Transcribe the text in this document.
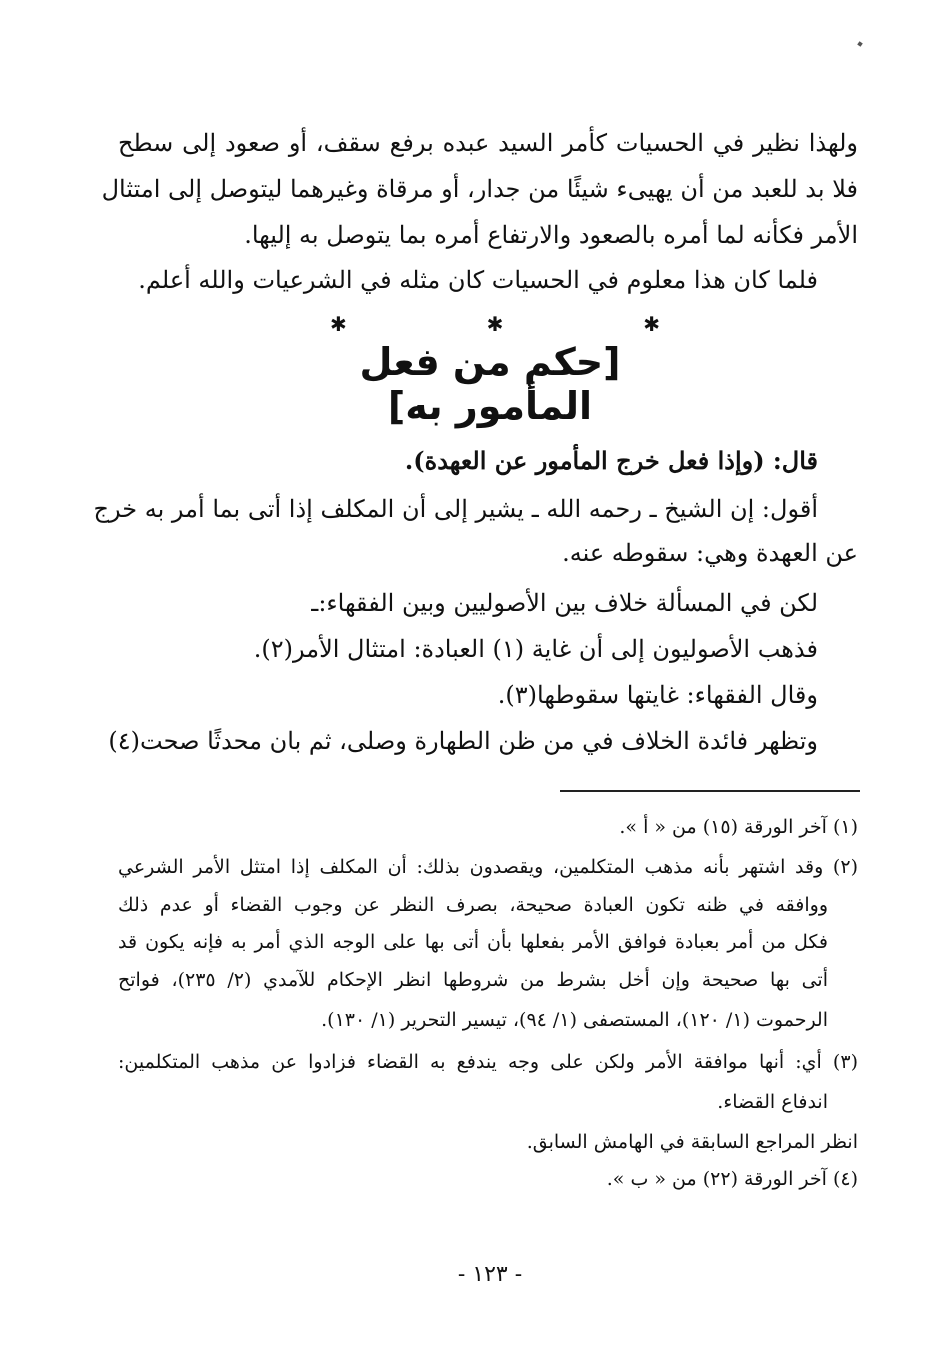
ولهذا نظير في الحسيات كأمر السيد عبده برفع سقف، أو صعود إلى سطح

فلا بد للعبد من أن يهيىء شيئًا من جدار، أو مرقاة وغيرهما ليتوصل إلى امتثال

الأمر فكأنه لما أمره بالصعود والارتفاع أمره بما يتوصل به إليها.

فلما كان هذا معلوم في الحسيات كان مثله في الشرعيات والله أعلم.

✱	✱	✱
[حكم من فعل المأمور به]

قال: (وإذا فعل خرج المأمور عن العهدة).

أقول: إن الشيخ ـ رحمه الله ـ يشير إلى أن المكلف إذا أتى بما أمر به خرج

عن العهدة وهي: سقوطه عنه.

لكن في المسألة خلاف بين الأصوليين وبين الفقهاء:ـ

فذهب الأصوليون إلى أن غاية (١) العبادة: امتثال الأمر(٢).

وقال الفقهاء: غايتها سقوطها(٣).

وتظهر فائدة الخلاف في من ظن الطهارة وصلى، ثم بان محدثًا صحت(٤)

(١) آخر الورقة (١٥) من « أ ».

(٢) وقد اشتهر بأنه مذهب المتكلمين، ويقصدون بذلك: أن المكلف إذا امتثل الأمر الشرعي

ووافقه في ظنه تكون العبادة صحيحة، بصرف النظر عن وجوب القضاء أو عدم ذلك

فكل من أمر بعبادة فوافق الأمر بفعلها بأن أتى بها على الوجه الذي أمر به فإنه يكون قد

أتى بها صحيحة وإن أخل بشرط من شروطها انظر الإحكام للآمدي (٢/ ٢٣٥)، فواتح

الرحموت (١/ ١٢٠)، المستصفى (١/ ٩٤)، تيسير التحرير (١/ ١٣٠).

(٣) أي: أنها موافقة الأمر ولكن على وجه يندفع به القضاء فزادوا عن مذهب المتكلمين:

اندفاع القضاء.

انظر المراجع السابقة في الهامش السابق.

(٤) آخر الورقة (٢٢) من « ب ».

- ١٢٣ -
